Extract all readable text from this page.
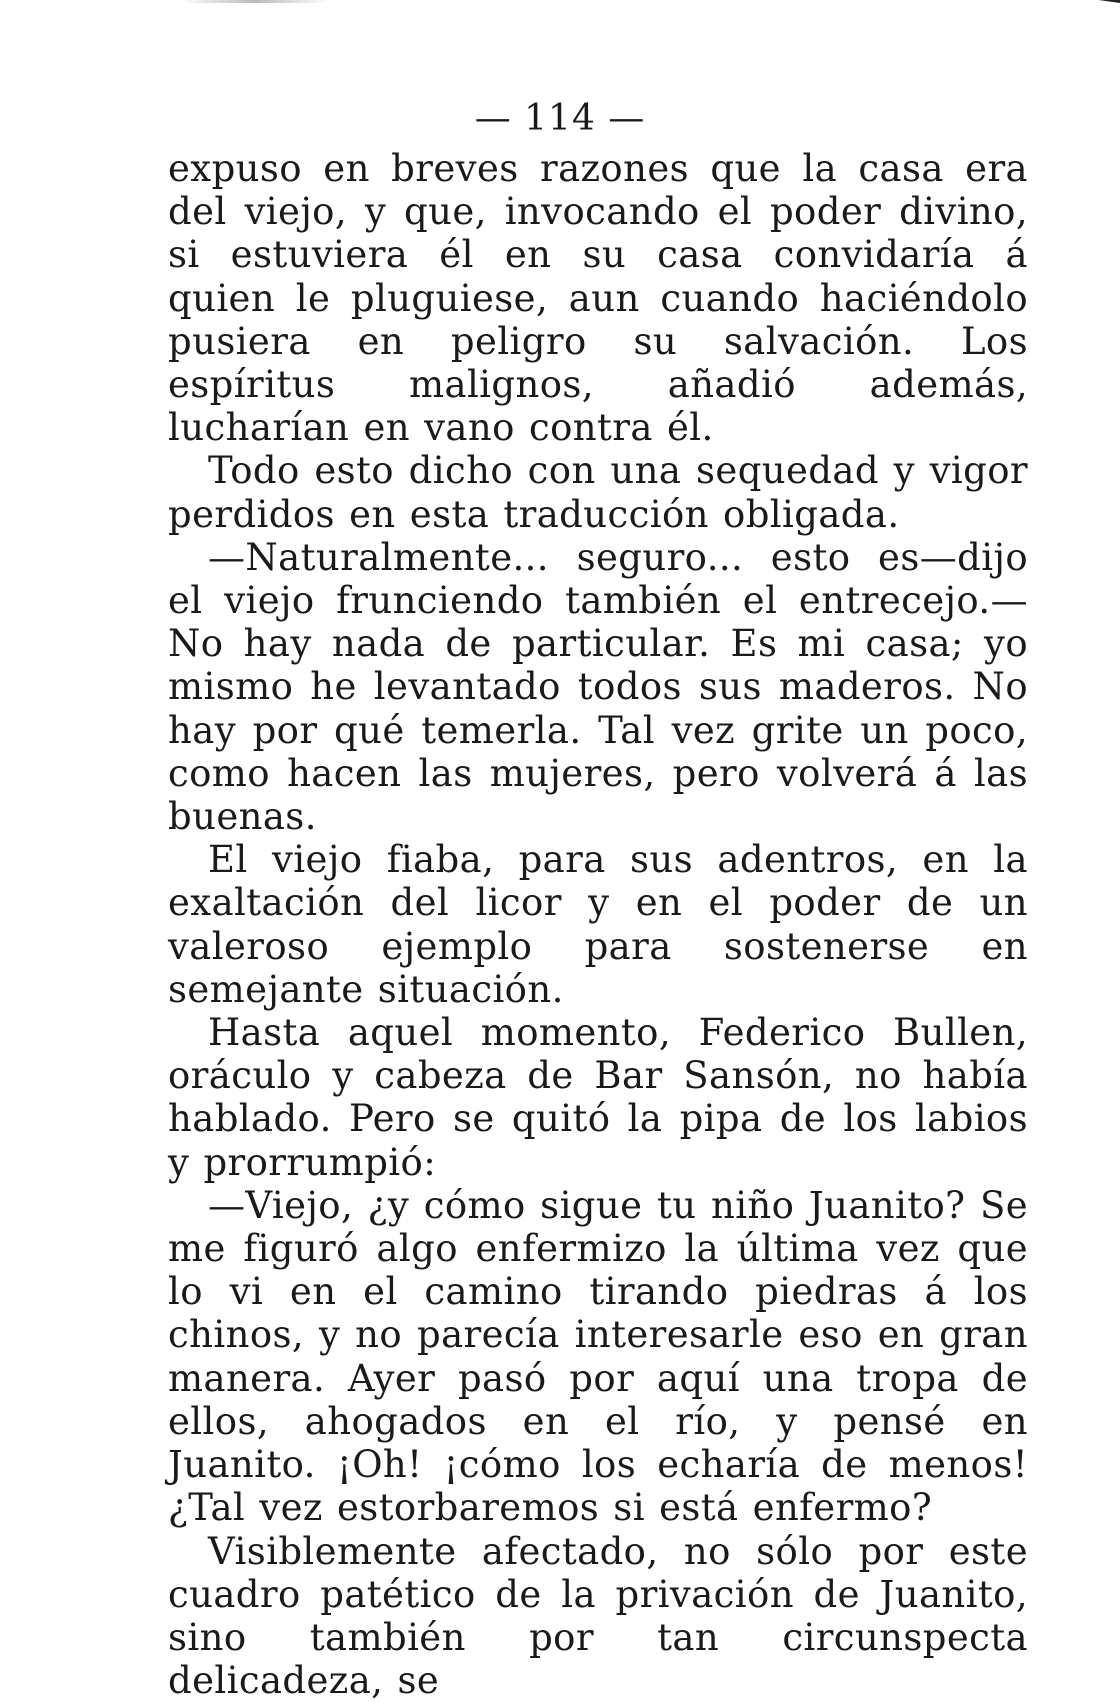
— 114 —

expuso en breves razones que la casa era del viejo, y que, invocando el poder divino, si estuviera él en su casa convidaría á quien le pluguiese, aun cuando haciéndolo pusiera en peligro su salvación. Los espíritus malignos, añadió además, lucharían en vano contra él.

Todo esto dicho con una sequedad y vigor perdidos en esta traducción obligada.

—Naturalmente... seguro... esto es—dijo el viejo frunciendo también el entrecejo.—No hay nada de particular. Es mi casa; yo mismo he levantado todos sus maderos. No hay por qué temerla. Tal vez grite un poco, como hacen las mujeres, pero volverá á las buenas.

El viejo fiaba, para sus adentros, en la exaltación del licor y en el poder de un valeroso ejemplo para sostenerse en semejante situación.

Hasta aquel momento, Federico Bullen, oráculo y cabeza de Bar Sansón, no había hablado. Pero se quitó la pipa de los labios y prorrumpió:

—Viejo, ¿y cómo sigue tu niño Juanito? Se me figuró algo enfermizo la última vez que lo vi en el camino tirando piedras á los chinos, y no parecía interesarle eso en gran manera. Ayer pasó por aquí una tropa de ellos, ahogados en el río, y pensé en Juanito. ¡Oh! ¡cómo los echaría de menos! ¿Tal vez estorbaremos si está enfermo?

Visiblemente afectado, no sólo por este cuadro patético de la privación de Juanito, sino también por tan circunspecta delicadeza, se
